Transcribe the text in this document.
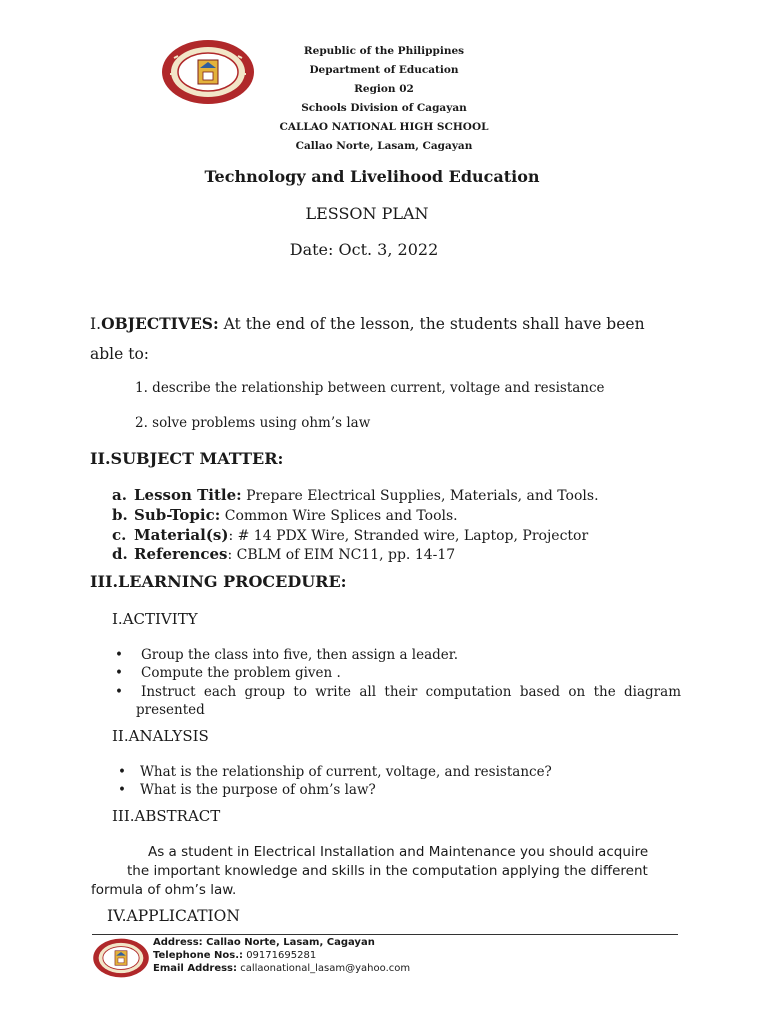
Republic of the Philippines
Department of Education
Region 02
Schools Division of Cagayan
CALLAO NATIONAL HIGH SCHOOL
Callao Norte, Lasam, Cagayan
Technology and Livelihood Education
LESSON PLAN
Date: Oct. 3, 2022
I.OBJECTIVES: At the end of the lesson, the students shall have been
able to:
1. describe the relationship between current, voltage and resistance
2. solve problems using ohm’s law
II.SUBJECT MATTER:
a. Lesson Title: Prepare Electrical Supplies, Materials, and Tools.
b. Sub-Topic: Common Wire Splices and Tools.
c. Material(s): # 14 PDX Wire, Stranded wire, Laptop, Projector
d. References: CBLM of EIM NC11, pp. 14-17
III.LEARNING PROCEDURE:
I.ACTIVITY
• Group the class into five, then assign a leader.
• Compute the problem given .
• Instruct each group to write all their computation based on the diagram
presented
II.ANALYSIS
• What is the relationship of current, voltage, and resistance?
• What is the purpose of ohm’s law?
III.ABSTRACT
As a student in Electrical Installation and Maintenance you should acquire
the important knowledge and skills in the computation applying the different
formula of ohm’s law.
IV.APPLICATION
Address: Callao Norte, Lasam, Cagayan
Telephone Nos.: 09171695281
Email Address: callaonational_lasam@yahoo.com
